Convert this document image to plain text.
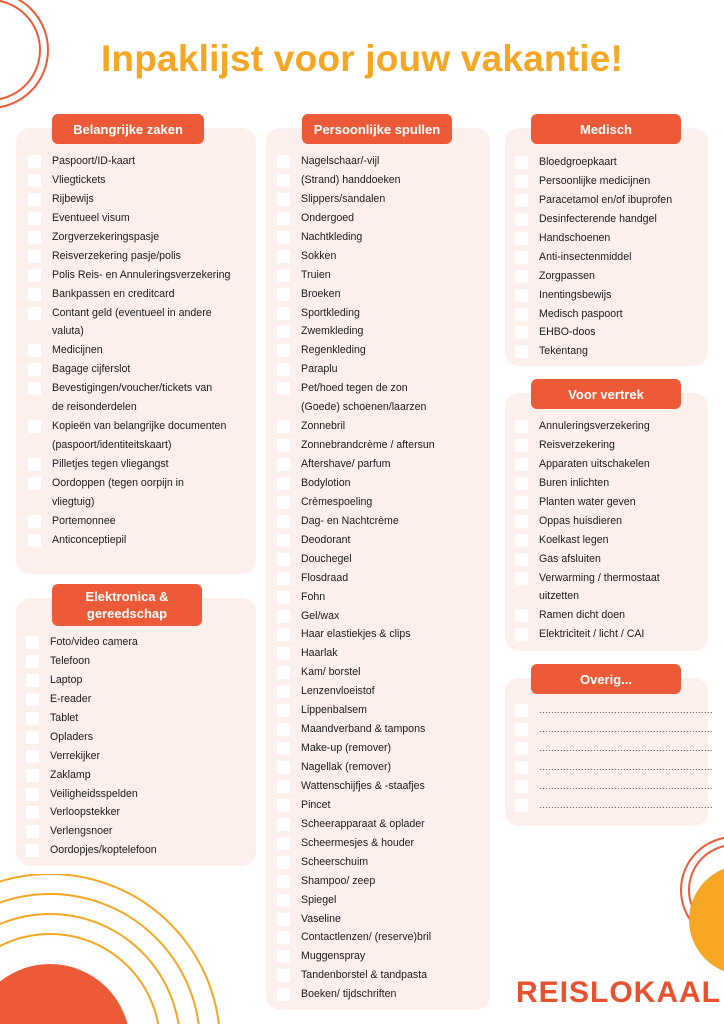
Inpaklijst voor jouw vakantie!
Belangrijke zaken
Paspoort/ID-kaart
Vliegtickets
Rijbewijs
Eventueel visum
Zorgverzekeringspasje
Reisverzekering pasje/polis
Polis Reis- en Annuleringsverzekering
Bankpassen en creditcard
Contant geld (eventueel in andere
valuta)
Medicijnen
Bagage cijferslot
Bevestigingen/voucher/tickets van
de reisonderdelen
Kopieën van belangrijke documenten
(paspoort/identiteitskaart)
Pilletjes tegen vliegangst
Oordoppen (tegen oorpijn in
vliegtuig)
Portemonnee
Anticonceptiepil
Elektronica &
gereedschap
Foto/video camera
Telefoon
Laptop
E-reader
Tablet
Opladers
Verrekijker
Zaklamp
Veiligheidsspelden
Verloopstekker
Verlengsnoer
Oordopjes/koptelefoon
Persoonlijke spullen
Nagelschaar/-vijl
(Strand) handdoeken
Slippers/sandalen
Ondergoed
Nachtkleding
Sokken
Truien
Broeken
Sportkleding
Zwemkleding
Regenkleding
Paraplu
Pet/hoed tegen de zon
(Goede) schoenen/laarzen
Zonnebril
Zonnebrandcrème / aftersun
Aftershave/ parfum
Bodylotion
Crèmespoeling
Dag- en Nachtcrème
Deodorant
Douchegel
Flosdraad
Fohn
Gel/wax
Haar elastiekjes & clips
Haarlak
Kam/ borstel
Lenzenvloeistof
Lippenbalsem
Maandverband & tampons
Make-up (remover)
Nagellak (remover)
Wattenschijfjes & -staafjes
Pincet
Scheerapparaat & oplader
Scheermesjes & houder
Scheerschuim
Shampoo/ zeep
Spiegel
Vaseline
Contactlenzen/ (reserve)bril
Muggenspray
Tandenborstel & tandpasta
Boeken/ tijdschriften
Medisch
Bloedgroepkaart
Persoonlijke medicijnen
Paracetamol en/of ibuprofen
Desinfecterende handgel
Handschoenen
Anti-insectenmiddel
Zorgpassen
Inentingsbewijs
Medisch paspoort
EHBO-doos
Tekentang
Voor vertrek
Annuleringsverzekering
Reisverzekering
Apparaten uitschakelen
Buren inlichten
Planten water geven
Oppas huisdieren
Koelkast legen
Gas afsluiten
Verwarming / thermostaat
uitzetten
Ramen dicht doen
Elektriciteit / licht / CAI
Overig...
..........................................................
..........................................................
..........................................................
..........................................................
..........................................................
..........................................................
REISLOKAAL
